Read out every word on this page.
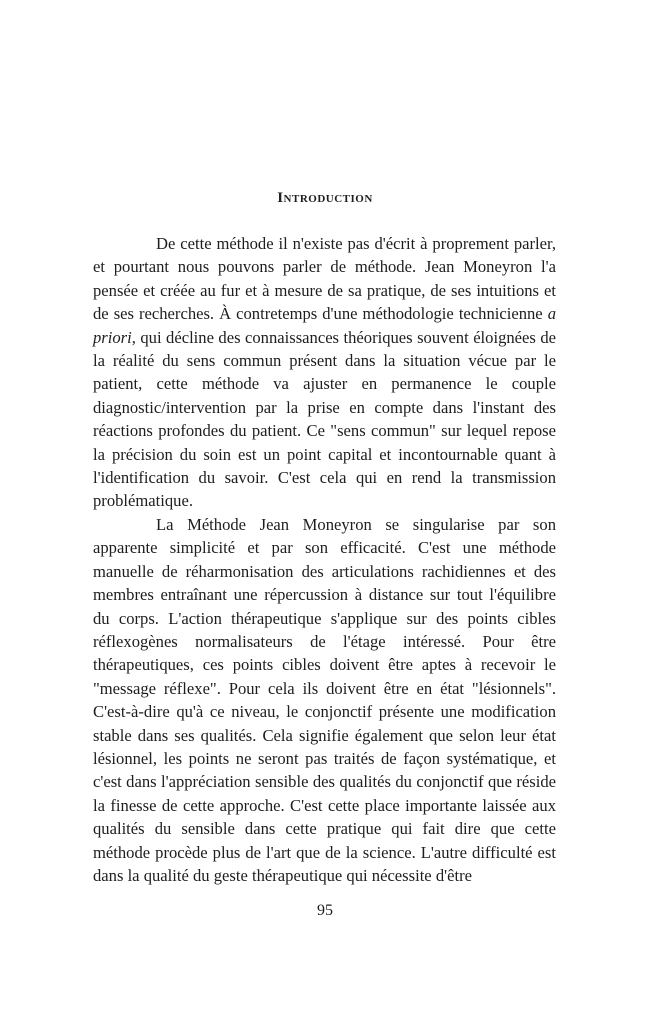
Introduction

De cette méthode il n'existe pas d'écrit à proprement parler, et pourtant nous pouvons parler de méthode. Jean Moneyron l'a pensée et créée au fur et à mesure de sa pratique, de ses intuitions et de ses recherches. À contretemps d'une méthodologie technicienne a priori, qui décline des connaissances théoriques souvent éloignées de la réalité du sens commun présent dans la situation vécue par le patient, cette méthode va ajuster en permanence le couple diagnostic/intervention par la prise en compte dans l'instant des réactions profondes du patient. Ce "sens commun" sur lequel repose la précision du soin est un point capital et incontournable quant à l'identification du savoir. C'est cela qui en rend la transmission problématique.

La Méthode Jean Moneyron se singularise par son apparente simplicité et par son efficacité. C'est une méthode manuelle de réharmonisation des articulations rachidiennes et des membres entraînant une répercussion à distance sur tout l'équilibre du corps. L'action thérapeutique s'applique sur des points cibles réflexogènes normalisateurs de l'étage intéressé. Pour être thérapeutiques, ces points cibles doivent être aptes à recevoir le "message réflexe". Pour cela ils doivent être en état "lésionnels". C'est-à-dire qu'à ce niveau, le conjonctif présente une modification stable dans ses qualités. Cela signifie également que selon leur état lésionnel, les points ne seront pas traités de façon systématique, et c'est dans l'appréciation sensible des qualités du conjonctif que réside la finesse de cette approche. C'est cette place importante laissée aux qualités du sensible dans cette pratique qui fait dire que cette méthode procède plus de l'art que de la science. L'autre difficulté est dans la qualité du geste thérapeutique qui nécessite d'être

95
